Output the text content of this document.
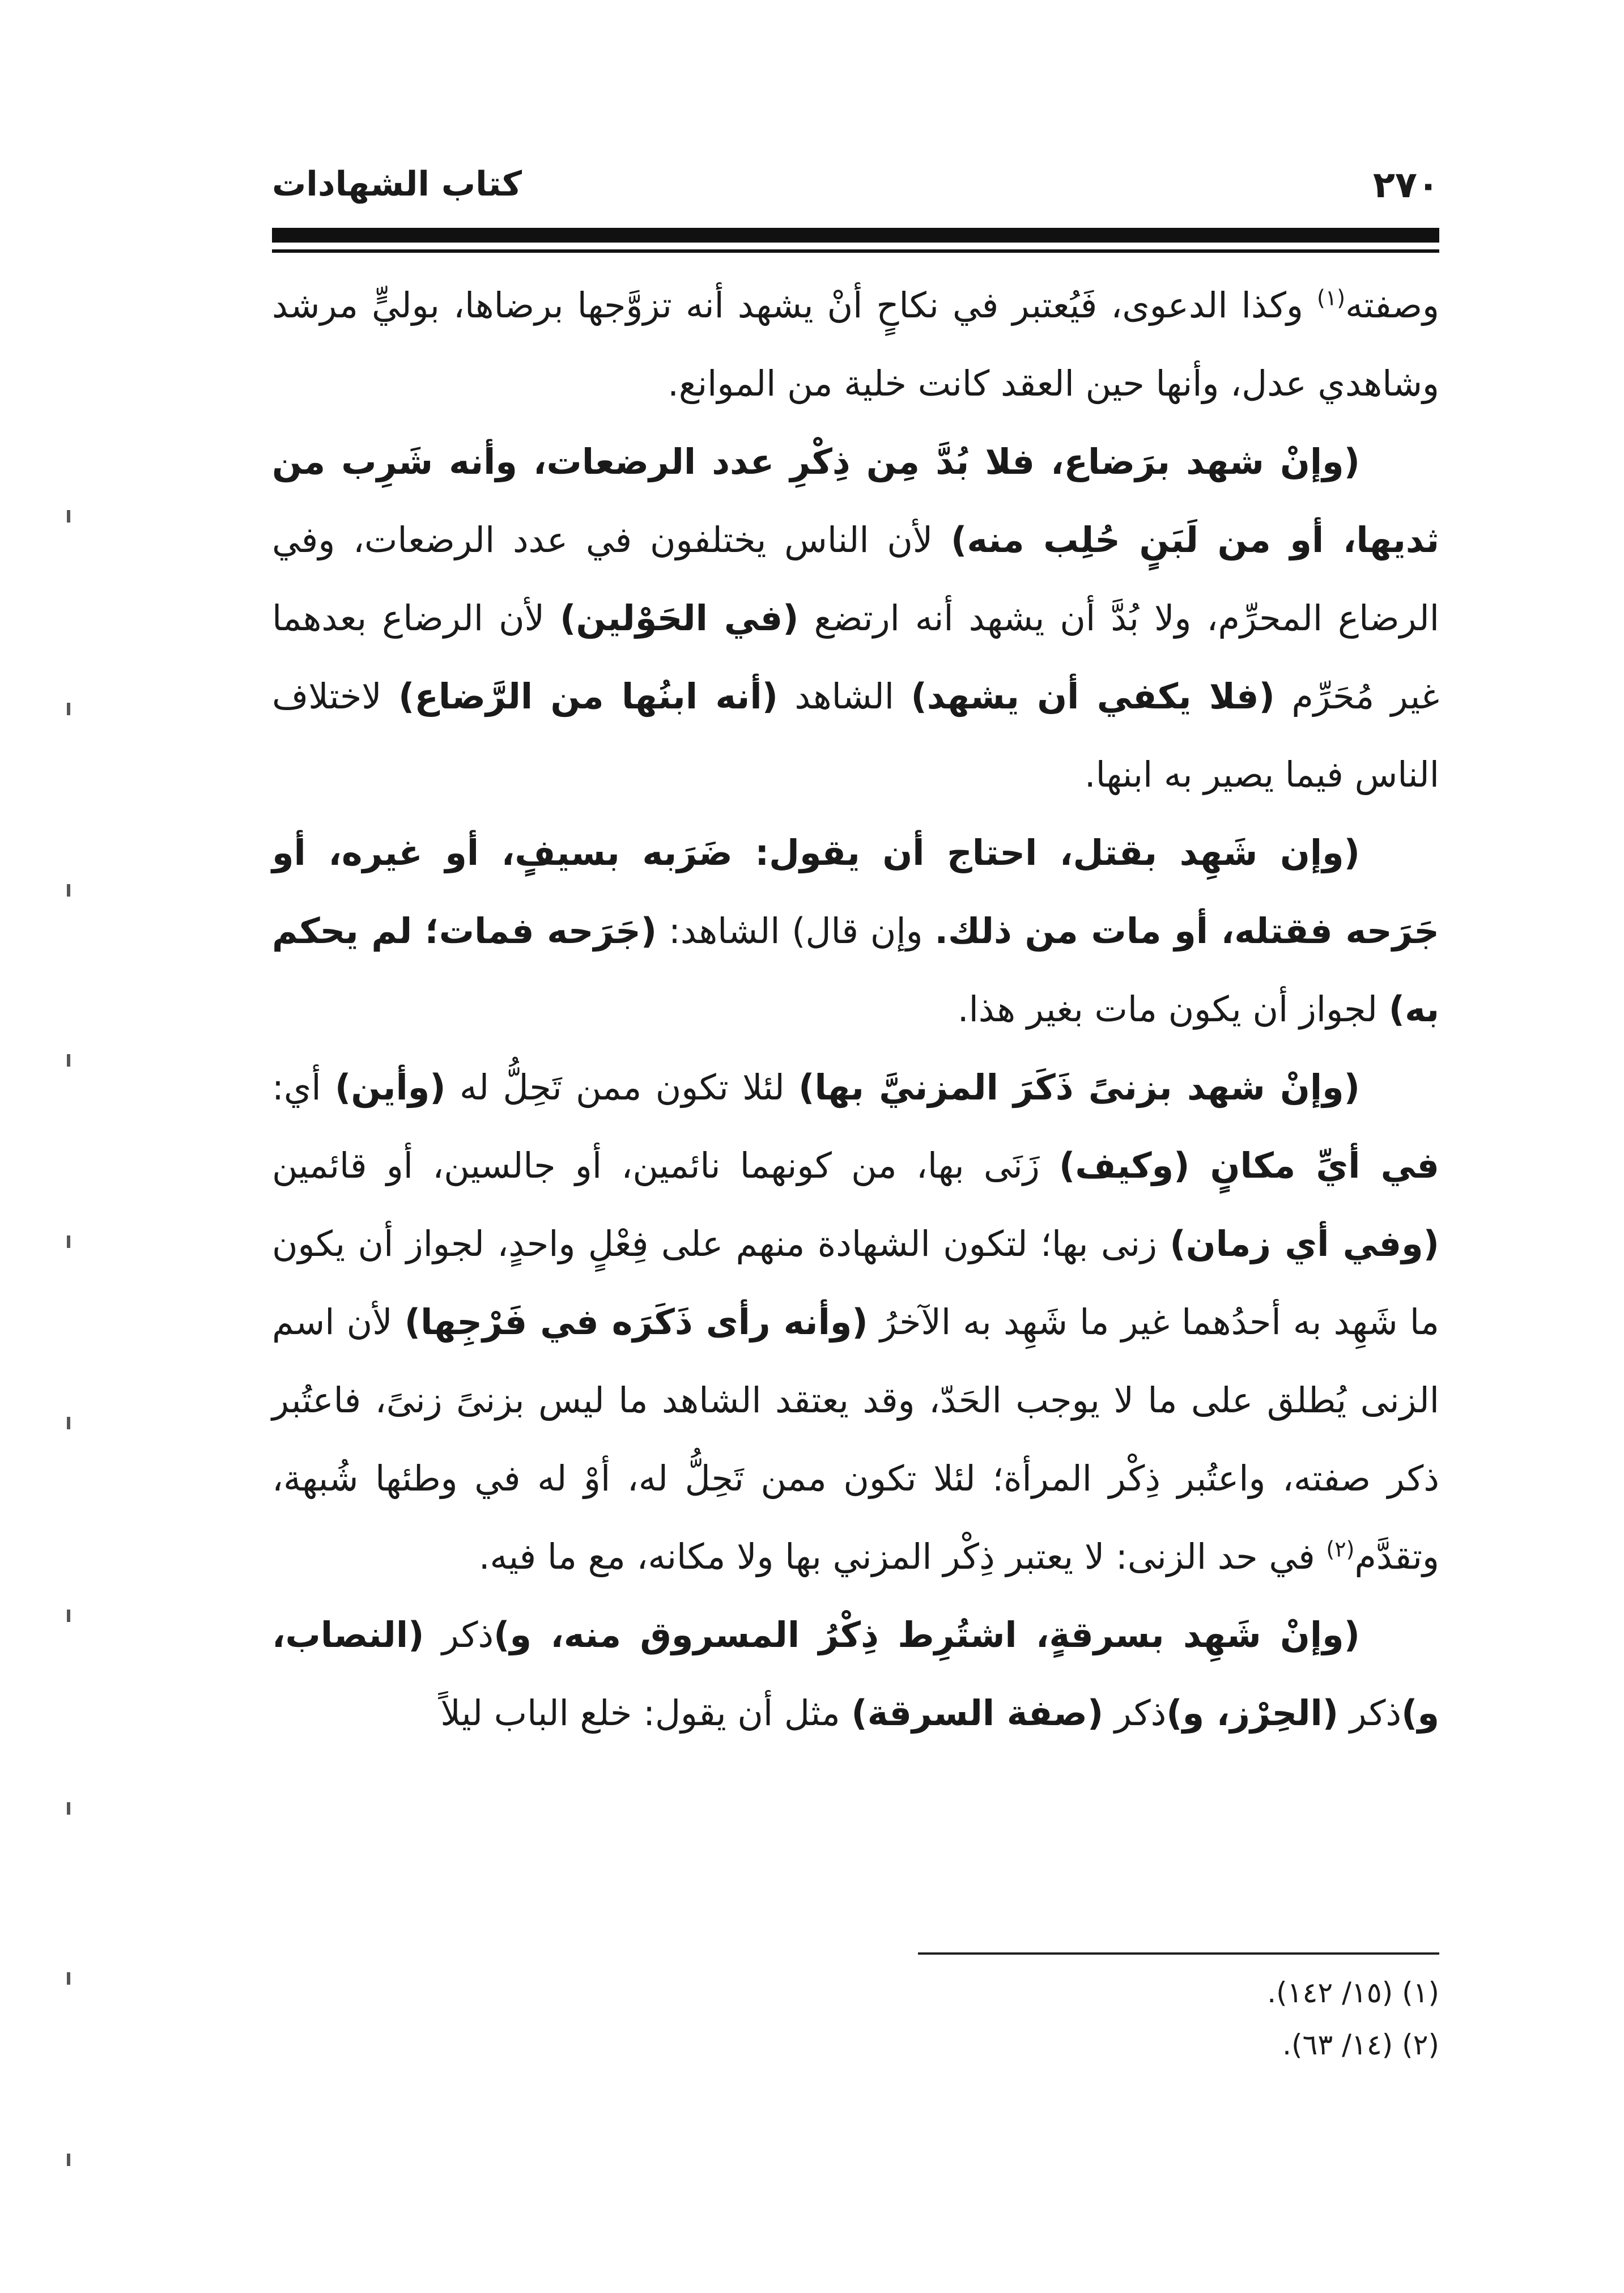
كتاب الشهادات	٢٧٠

وصفته$^{(١)}$ وكذا الدعوى، فَيُعتبر في نكاحٍ أنْ يشهد أنه تزوَّجها برضاها، بوليٍّ مرشد وشاهدي عدل، وأنها حين العقد كانت خلية من الموانع.

(وإنْ شهد برَضاع، فلا بُدَّ مِن ذِكْرِ عدد الرضعات، وأنه شَرِب من ثديها، أو من لَبَنٍ حُلِب منه) لأن الناس يختلفون في عدد الرضعات، وفي الرضاع المحرِّم، ولا بُدَّ أن يشهد أنه ارتضع (في الحَوْلين) لأن الرضاع بعدهما غير مُحَرِّم (فلا يكفي أن يشهد) الشاهد (أنه ابنُها من الرَّضاع) لاختلاف الناس فيما يصير به ابنها.

(وإن شَهِد بقتل، احتاج أن يقول: ضَرَبه بسيفٍ، أو غيره، أو جَرَحه فقتله، أو مات من ذلك. وإن قال) الشاهد: (جَرَحه فمات؛ لم يحكم به) لجواز أن يكون مات بغير هذا.

(وإنْ شهد بزنىً ذَكَرَ المزنيَّ بها) لئلا تكون ممن تَحِلُّ له (وأين) أي: في أيِّ مكانٍ (وكيف) زَنَى بها، من كونهما نائمين، أو جالسين، أو قائمين (وفي أي زمان) زنى بها؛ لتكون الشهادة منهم على فِعْلٍ واحدٍ، لجواز أن يكون ما شَهِد به أحدُهما غير ما شَهِد به الآخرُ (وأنه رأى ذَكَرَه في فَرْجِها) لأن اسم الزنى يُطلق على ما لا يوجب الحَدّ، وقد يعتقد الشاهد ما ليس بزنىً زنىً، فاعتُبر ذكر صفته، واعتُبر ذِكْر المرأة؛ لئلا تكون ممن تَحِلُّ له، أوْ له في وطئها شُبهة، وتقدَّم$^{(٢)}$ في حد الزنى: لا يعتبر ذِكْر المزني بها ولا مكانه، مع ما فيه.

(وإنْ شَهِد بسرقةٍ، اشتُرِط ذِكْرُ المسروق منه، و)ذكر (النصاب، و)ذكر (الحِرْز، و)ذكر (صفة السرقة) مثل أن يقول: خلع الباب ليلاً

(١) (١٥/ ١٤٢).
(٢) (١٤/ ٦٣).
